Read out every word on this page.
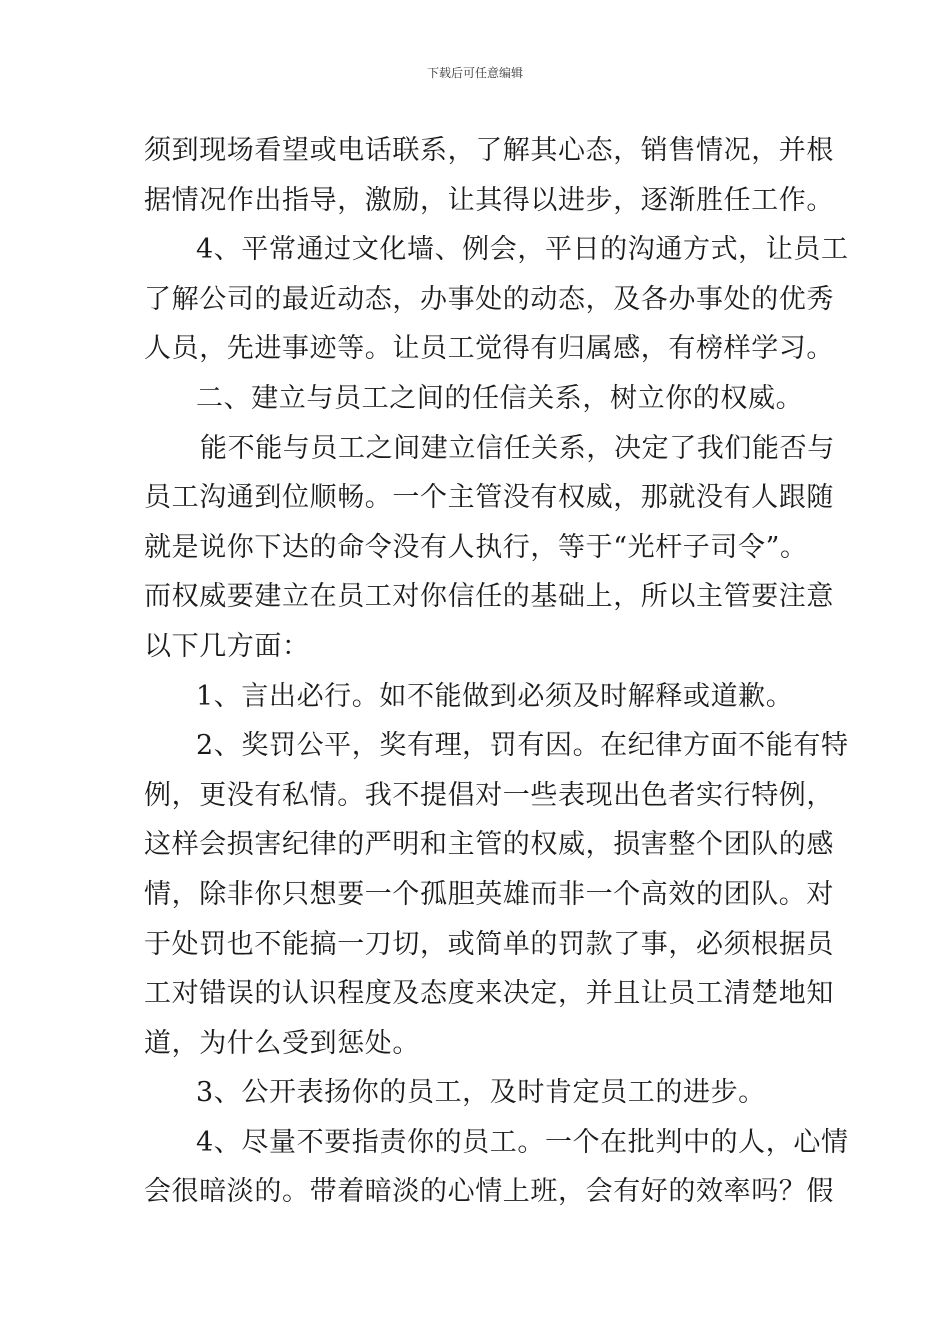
下载后可任意编辑
须到现场看望或电话联系，了解其心态，销售情况，并根
据情况作出指导，激励，让其得以进步，逐渐胜任工作。
4、平常通过文化墙、例会，平日的沟通方式，让员工
了解公司的最近动态，办事处的动态，及各办事处的优秀
人员，先进事迹等。让员工觉得有归属感，有榜样学习。
二、建立与员工之间的任信关系，树立你的权威。
能不能与员工之间建立信任关系，决定了我们能否与
员工沟通到位顺畅。一个主管没有权威，那就没有人跟随
就是说你下达的命令没有人执行，等于“光杆子司令”。
而权威要建立在员工对你信任的基础上，所以主管要注意
以下几方面：
1、言出必行。如不能做到必须及时解释或道歉。
2、奖罚公平，奖有理，罚有因。在纪律方面不能有特
例，更没有私情。我不提倡对一些表现出色者实行特例，
这样会损害纪律的严明和主管的权威，损害整个团队的感
情，除非你只想要一个孤胆英雄而非一个高效的团队。对
于处罚也不能搞一刀切，或简单的罚款了事，必须根据员
工对错误的认识程度及态度来决定，并且让员工清楚地知
道，为什么受到惩处。
3、公开表扬你的员工，及时肯定员工的进步。
4、尽量不要指责你的员工。一个在批判中的人，心情
会很暗淡的。带着暗淡的心情上班，会有好的效率吗？假
